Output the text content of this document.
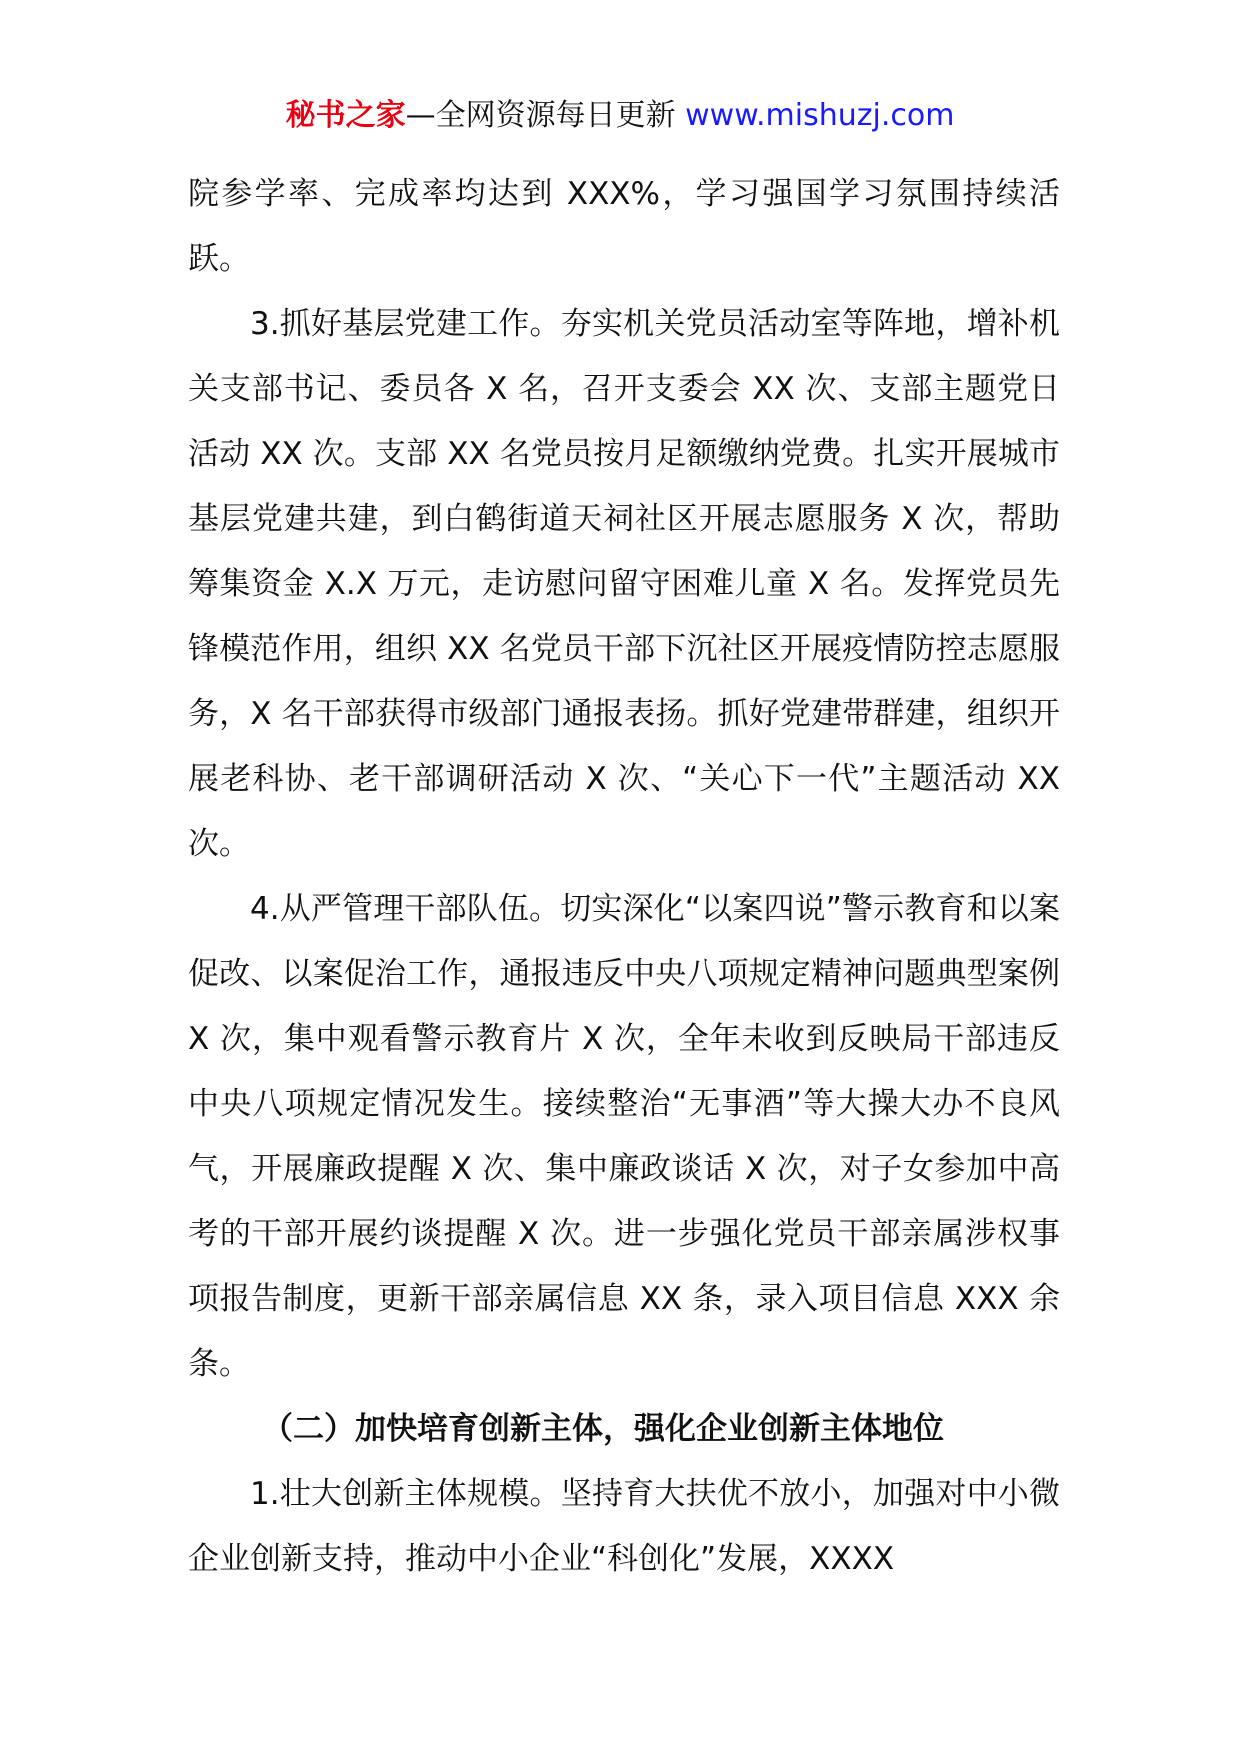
秘书之家—全网资源每日更新 www.mishuzj.com

院参学率、完成率均达到 XXX%，学习强国学习氛围持续活跃。

3.抓好基层党建工作。夯实机关党员活动室等阵地，增补机关支部书记、委员各 X 名，召开支委会 XX 次、支部主题党日活动 XX 次。支部 XX 名党员按月足额缴纳党费。扎实开展城市基层党建共建，到白鹤街道天祠社区开展志愿服务 X 次，帮助筹集资金 X.X 万元，走访慰问留守困难儿童 X 名。发挥党员先锋模范作用，组织 XX 名党员干部下沉社区开展疫情防控志愿服务，X 名干部获得市级部门通报表扬。抓好党建带群建，组织开展老科协、老干部调研活动 X 次、“关心下一代”主题活动 XX 次。

4.从严管理干部队伍。切实深化“以案四说”警示教育和以案促改、以案促治工作，通报违反中央八项规定精神问题典型案例 X 次，集中观看警示教育片 X 次，全年未收到反映局干部违反中央八项规定情况发生。接续整治“无事酒”等大操大办不良风气，开展廉政提醒 X 次、集中廉政谈话 X 次，对子女参加中高考的干部开展约谈提醒 X 次。进一步强化党员干部亲属涉权事项报告制度，更新干部亲属信息 XX 条，录入项目信息 XXX 余条。

（二）加快培育创新主体，强化企业创新主体地位

1.壮大创新主体规模。坚持育大扶优不放小，加强对中小微企业创新支持，推动中小企业“科创化”发展，XXXX
